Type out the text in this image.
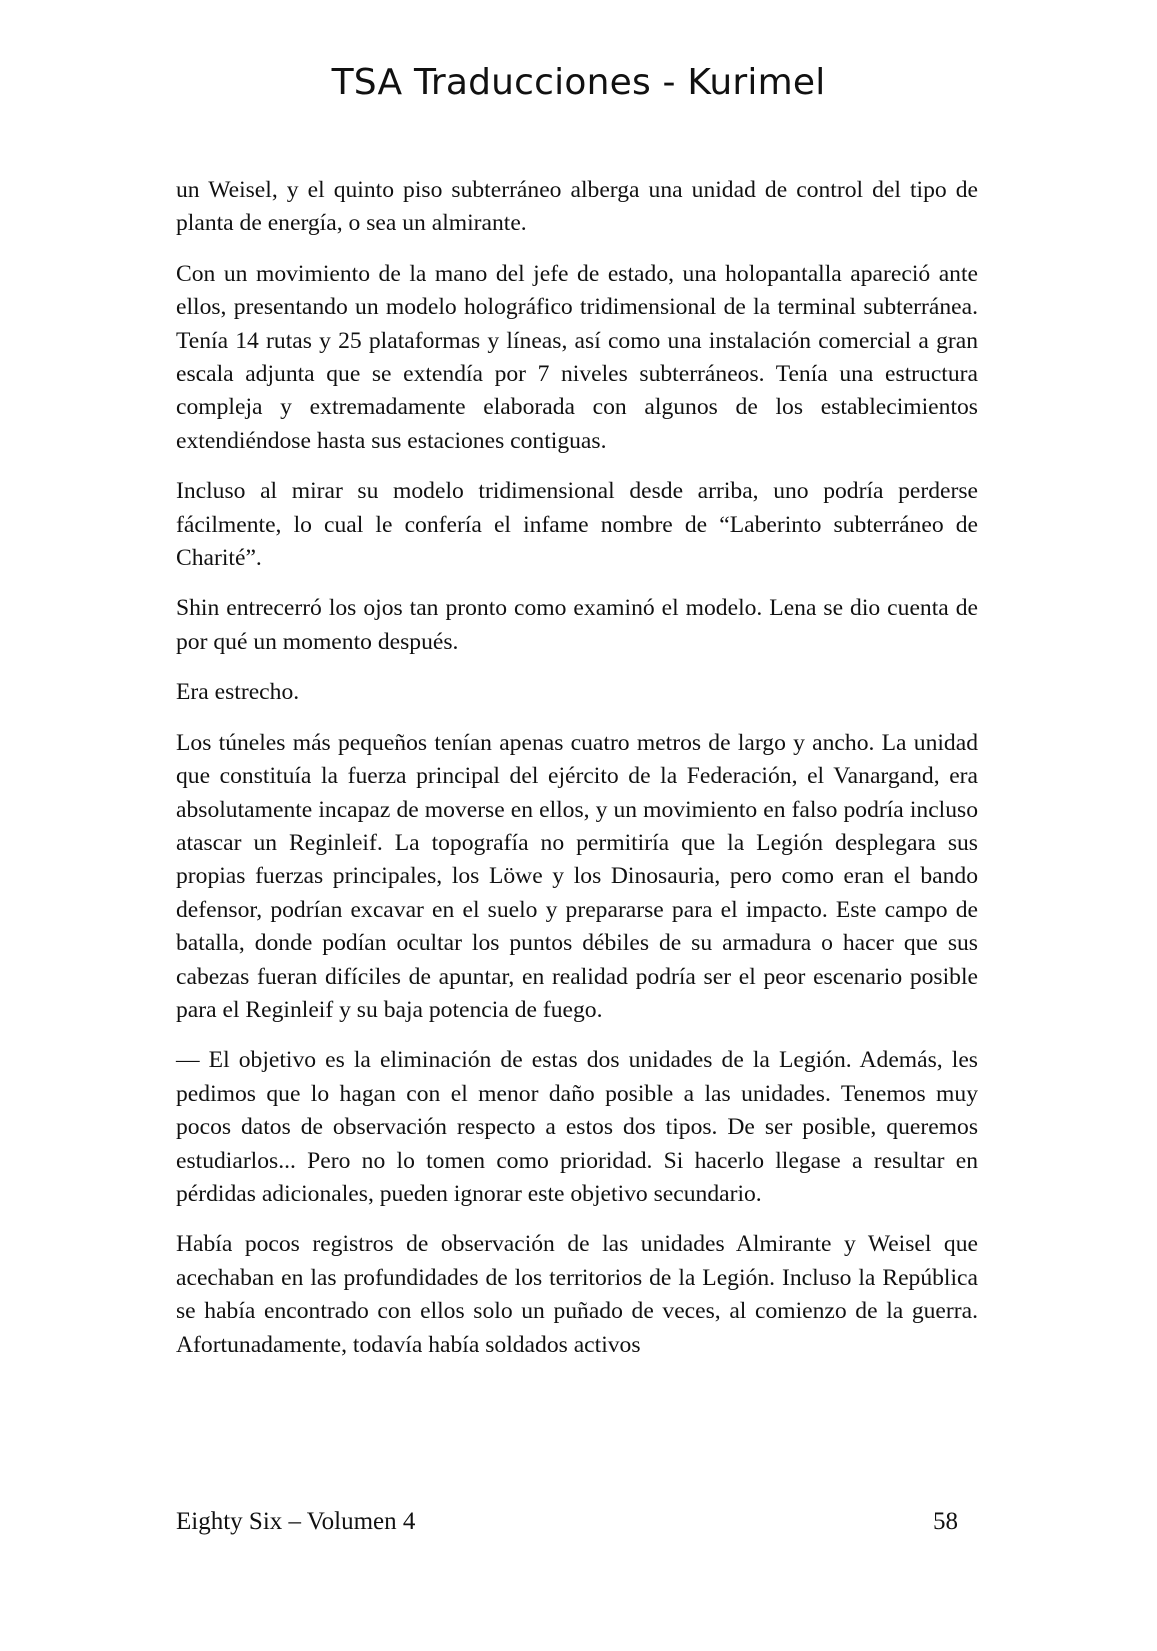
TSA Traducciones - Kurimel

un Weisel, y el quinto piso subterráneo alberga una unidad de control del tipo de planta de energía, o sea un almirante.

Con un movimiento de la mano del jefe de estado, una holopantalla apareció ante ellos, presentando un modelo holográfico tridimensional de la terminal subterránea. Tenía 14 rutas y 25 plataformas y líneas, así como una instalación comercial a gran escala adjunta que se extendía por 7 niveles subterráneos. Tenía una estructura compleja y extremadamente elaborada con algunos de los establecimientos extendiéndose hasta sus estaciones contiguas.

Incluso al mirar su modelo tridimensional desde arriba, uno podría perderse fácilmente, lo cual le confería el infame nombre de “Laberinto subterráneo de Charité”.

Shin entrecerró los ojos tan pronto como examinó el modelo. Lena se dio cuenta de por qué un momento después.

Era estrecho.

Los túneles más pequeños tenían apenas cuatro metros de largo y ancho. La unidad que constituía la fuerza principal del ejército de la Federación, el Vanargand, era absolutamente incapaz de moverse en ellos, y un movimiento en falso podría incluso atascar un Reginleif. La topografía no permitiría que la Legión desplegara sus propias fuerzas principales, los Löwe y los Dinosauria, pero como eran el bando defensor, podrían excavar en el suelo y prepararse para el impacto. Este campo de batalla, donde podían ocultar los puntos débiles de su armadura o hacer que sus cabezas fueran difíciles de apuntar, en realidad podría ser el peor escenario posible para el Reginleif y su baja potencia de fuego.

— El objetivo es la eliminación de estas dos unidades de la Legión. Además, les pedimos que lo hagan con el menor daño posible a las unidades. Tenemos muy pocos datos de observación respecto a estos dos tipos. De ser posible, queremos estudiarlos... Pero no lo tomen como prioridad. Si hacerlo llegase a resultar en pérdidas adicionales, pueden ignorar este objetivo secundario.

Había pocos registros de observación de las unidades Almirante y Weisel que acechaban en las profundidades de los territorios de la Legión. Incluso la República se había encontrado con ellos solo un puñado de veces, al comienzo de la guerra. Afortunadamente, todavía había soldados activos

Eighty Six – Volumen 4	58
